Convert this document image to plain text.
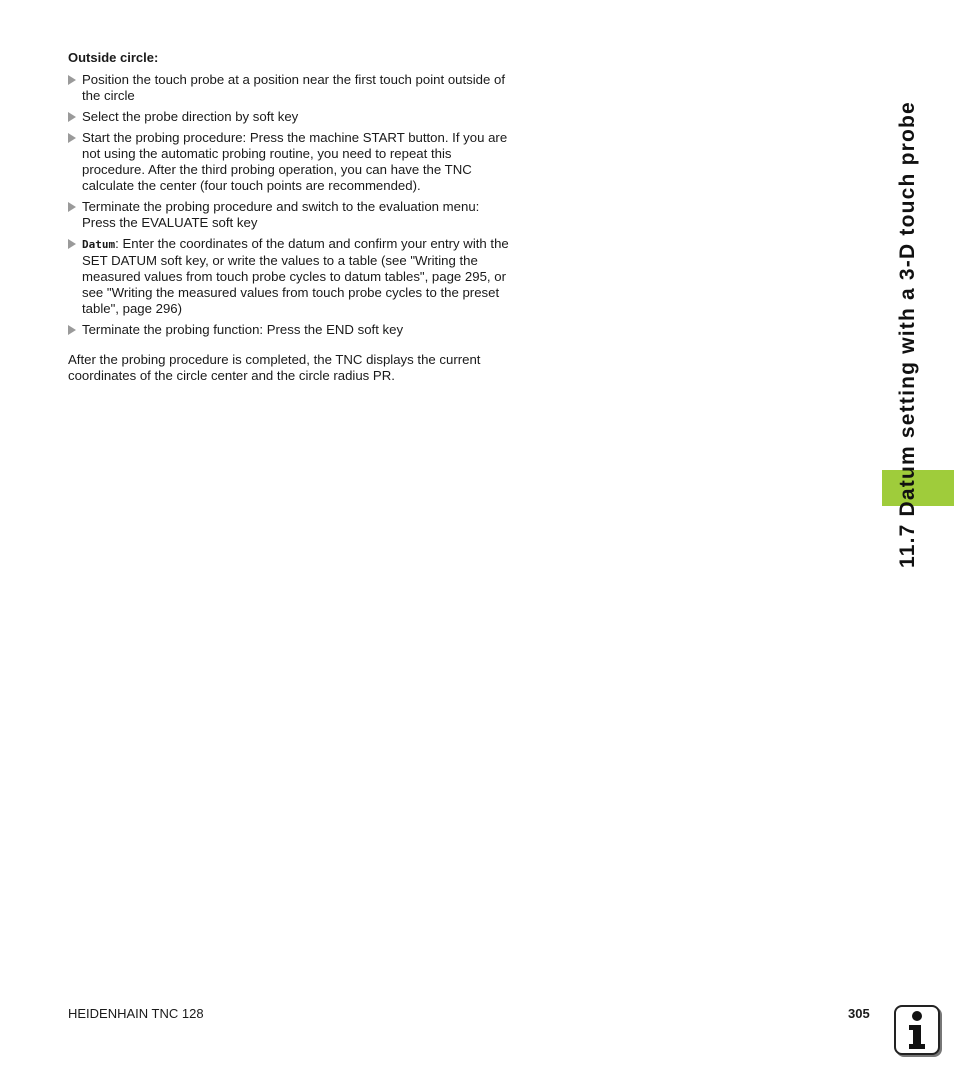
11.7 Datum setting with a 3-D touch probe
Outside circle:
Position the touch probe at a position near the first touch point outside of the circle
Select the probe direction by soft key
Start the probing procedure: Press the machine START button. If you are not using the automatic probing routine, you need to repeat this procedure. After the third probing operation, you can have the TNC calculate the center (four touch points are recommended).
Terminate the probing procedure and switch to the evaluation menu: Press the EVALUATE soft key
Datum: Enter the coordinates of the datum and confirm your entry with the SET DATUM soft key, or write the values to a table (see "Writing the measured values from touch probe cycles to datum tables", page 295, or see "Writing the measured values from touch probe cycles to the preset table", page 296)
Terminate the probing function: Press the END soft key

After the probing procedure is completed, the TNC displays the current coordinates of the circle center and the circle radius PR.

HEIDENHAIN TNC 128	305
